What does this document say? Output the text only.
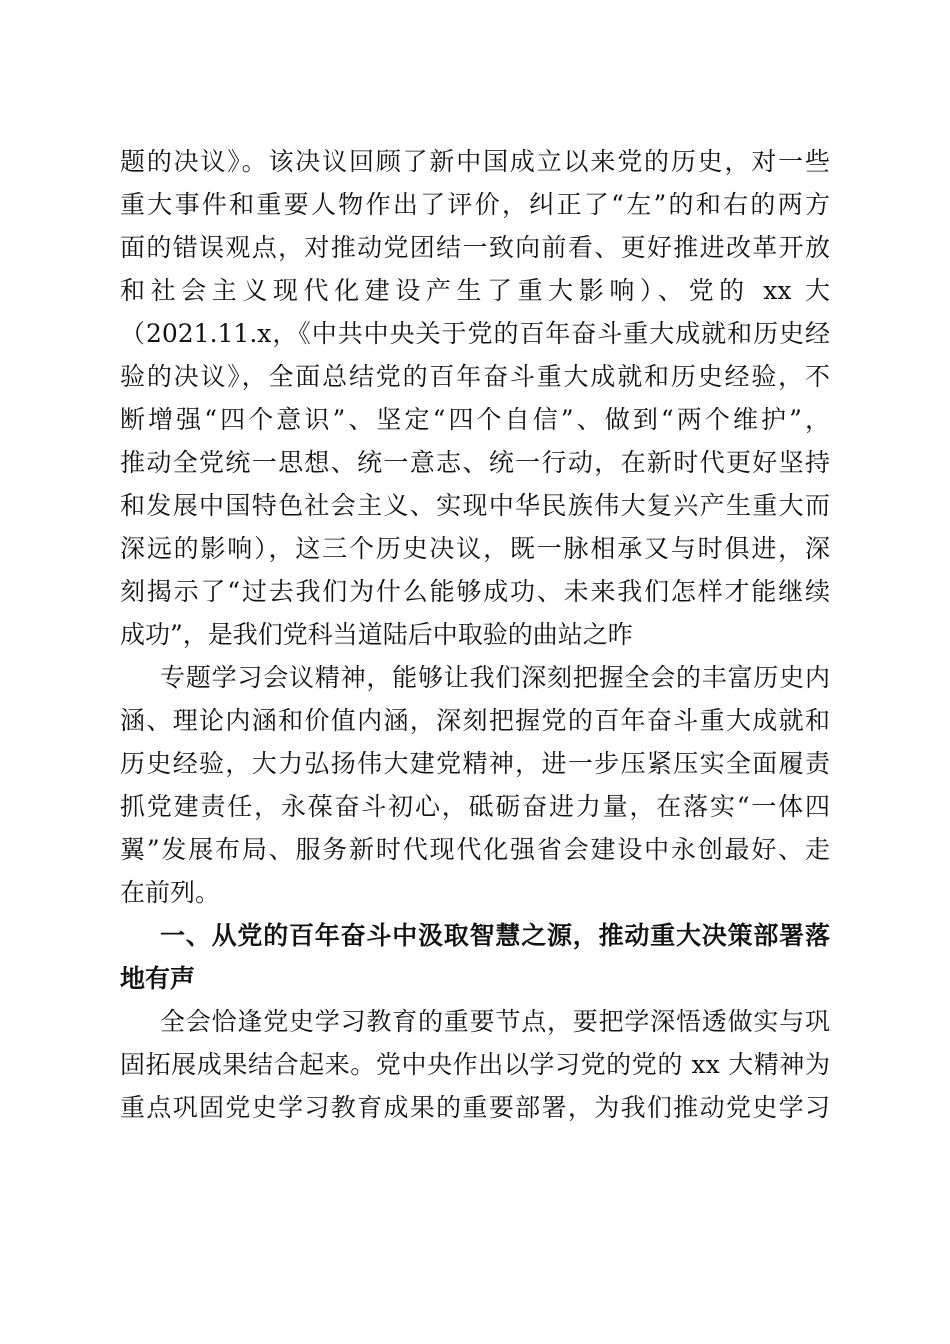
题的决议》。该决议回顾了新中国成立以来党的历史，对一些
重大事件和重要人物作出了评价，纠正了“左”的和右的两方
面的错误观点，对推动党团结一致向前看、更好推进改革开放
和社会主义现代化建设产生了重大影响）、党的 xx 大
（2021.11.x，《中共中央关于党的百年奋斗重大成就和历史经
验的决议》，全面总结党的百年奋斗重大成就和历史经验，不
断增强“四个意识”、坚定“四个自信”、做到“两个维护”，
推动全党统一思想、统一意志、统一行动，在新时代更好坚持
和发展中国特色社会主义、实现中华民族伟大复兴产生重大而
深远的影响），这三个历史决议，既一脉相承又与时俱进，深
刻揭示了“过去我们为什么能够成功、未来我们怎样才能继续
成功”，是我们党科当道陆后中取验的曲站之昨
专题学习会议精神，能够让我们深刻把握全会的丰富历史内
涵、理论内涵和价值内涵，深刻把握党的百年奋斗重大成就和
历史经验，大力弘扬伟大建党精神，进一步压紧压实全面履责
抓党建责任，永葆奋斗初心，砥砺奋进力量，在落实“一体四
翼”发展布局、服务新时代现代化强省会建设中永创最好、走
在前列。
一、从党的百年奋斗中汲取智慧之源，推动重大决策部署落
地有声
全会恰逢党史学习教育的重要节点，要把学深悟透做实与巩
固拓展成果结合起来。党中央作出以学习党的党的 xx 大精神为
重点巩固党史学习教育成果的重要部署，为我们推动党史学习
